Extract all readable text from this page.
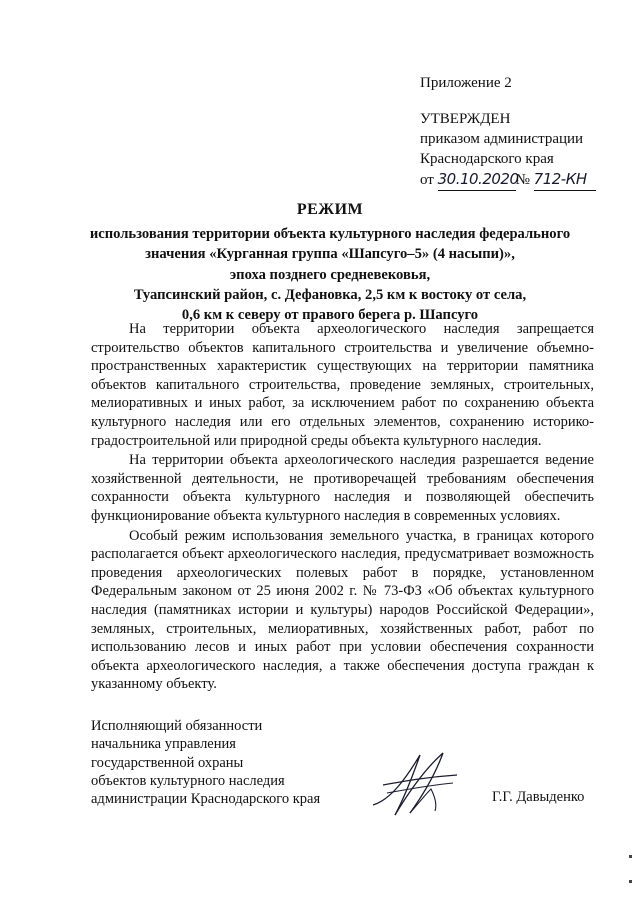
Приложение 2
УТВЕРЖДЕН
приказом администрации
Краснодарского края
от 30.10.2020№ 712-КН
РЕЖИМ
использования территории объекта культурного наследия федерального
значения «Курганная группа «Шапсуго–5» (4 насыпи)»,
эпоха позднего средневековья,
Туапсинский район, с. Дефановка, 2,5 км к востоку от села,
0,6 км к северу от правого берега р. Шапсуго

На территории объекта археологического наследия запрещается строительство объектов капитального строительства и увеличение объемно-пространственных характеристик существующих на территории памятника объектов капитального строительства, проведение земляных, строительных, мелиоративных и иных работ, за исключением работ по сохранению объекта культурного наследия или его отдельных элементов, сохранению историко-градостроительной или природной среды объекта культурного наследия.

На территории объекта археологического наследия разрешается ведение хозяйственной деятельности, не противоречащей требованиям обеспечения сохранности объекта культурного наследия и позволяющей обеспечить функционирование объекта культурного наследия в современных условиях.

Особый режим использования земельного участка, в границах которого располагается объект археологического наследия, предусматривает возможность проведения археологических полевых работ в порядке, установленном Федеральным законом от 25 июня 2002 г. № 73-ФЗ «Об объектах культурного наследия (памятниках истории и культуры) народов Российской Федерации», земляных, строительных, мелиоративных, хозяйственных работ, работ по использованию лесов и иных работ при условии обеспечения сохранности объекта археологического наследия, а также обеспечения доступа граждан к указанному объекту.

Исполняющий обязанности
начальника управления
государственной охраны
объектов культурного наследия
администрации Краснодарского края	Г.Г. Давыденко
